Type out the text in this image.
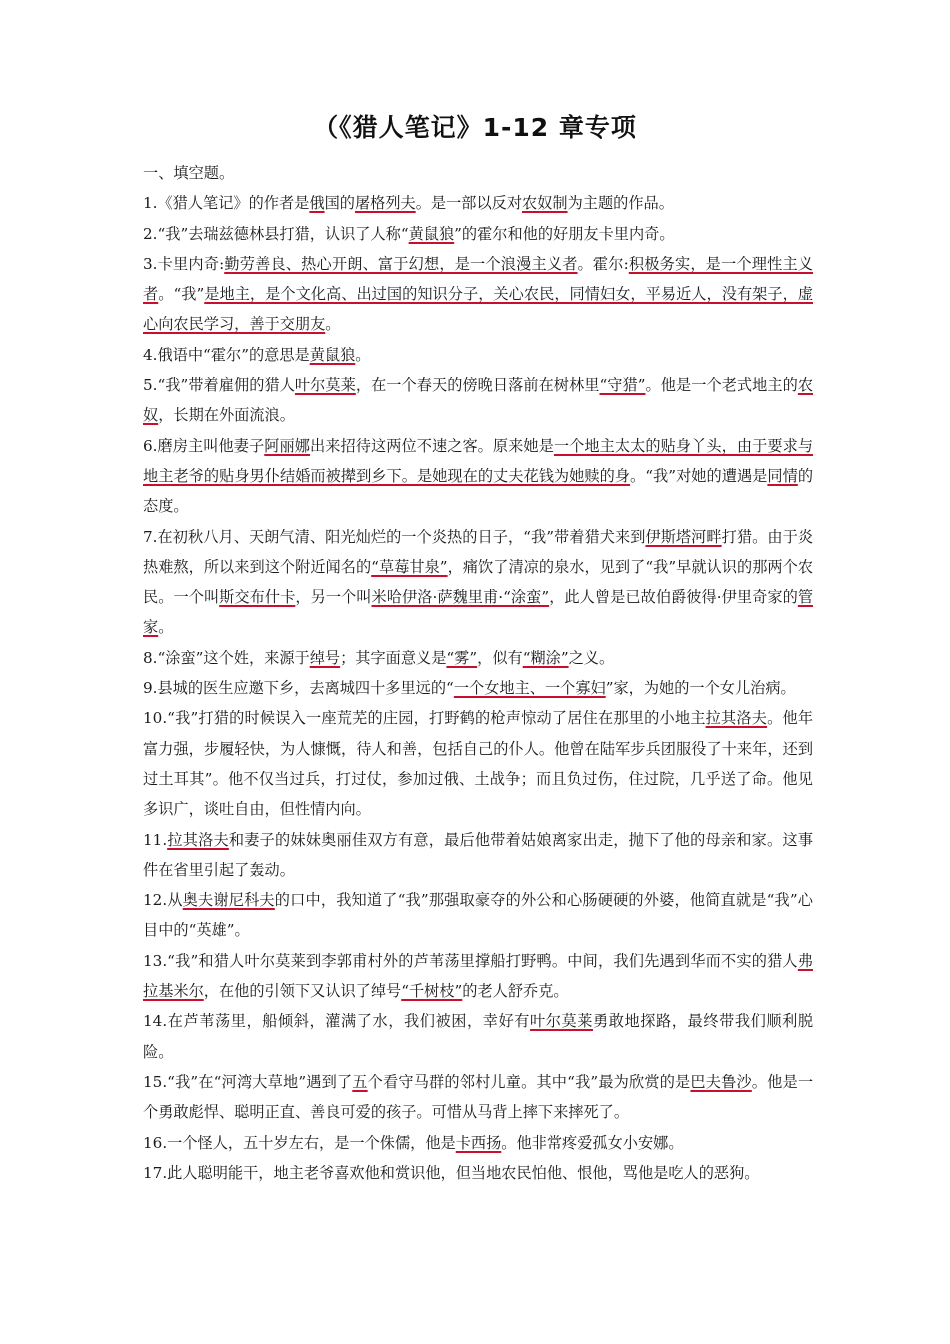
（《猎人笔记》1-12 章专项

一、填空题。

1.《猎人笔记》的作者是俄国的屠格列夫。是一部以反对农奴制为主题的作品。

2.“我”去瑞兹德林县打猎，认识了人称“黄鼠狼”的霍尔和他的好朋友卡里内奇。

3.卡里内奇:勤劳善良、热心开朗、富于幻想，是一个浪漫主义者。霍尔:积极务实，是一个理性主义者。“我”是地主，是个文化高、出过国的知识分子，关心农民，同情妇女，平易近人，没有架子，虚心向农民学习，善于交朋友。

4.俄语中“霍尔”的意思是黄鼠狼。

5.“我”带着雇佣的猎人叶尔莫莱，在一个春天的傍晚日落前在树林里“守猎”。他是一个老式地主的农奴，长期在外面流浪。

6.磨房主叫他妻子阿丽娜出来招待这两位不速之客。原来她是一个地主太太的贴身丫头，由于要求与地主老爷的贴身男仆结婚而被撵到乡下。是她现在的丈夫花钱为她赎的身。“我”对她的遭遇是同情的态度。

7.在初秋八月、天朗气清、阳光灿烂的一个炎热的日子，“我”带着猎犬来到伊斯塔河畔打猎。由于炎热难熬，所以来到这个附近闻名的“草莓甘泉”，痛饮了清凉的泉水，见到了“我”早就认识的那两个农民。一个叫斯交布什卡，另一个叫米哈伊洛·萨魏里甫·“涂蛮”，此人曾是已故伯爵彼得·伊里奇家的管家。

8.“涂蛮”这个姓，来源于绰号；其字面意义是“雾”，似有“糊涂”之义。

9.县城的医生应邀下乡，去离城四十多里远的“一个女地主、一个寡妇”家，为她的一个女儿治病。

10.“我”打猎的时候误入一座荒芜的庄园，打野鹤的枪声惊动了居住在那里的小地主拉其洛夫。他年富力强，步履轻快，为人慷慨，待人和善，包括自己的仆人。他曾在陆军步兵团服役了十来年，还到过土耳其”。他不仅当过兵，打过仗，参加过俄、土战争；而且负过伤，住过院，几乎送了命。他见多识广，谈吐自由，但性情内向。

11.拉其洛夫和妻子的妹妹奥丽佳双方有意，最后他带着姑娘离家出走，抛下了他的母亲和家。这事件在省里引起了轰动。

12.从奥夫谢尼科夫的口中，我知道了“我”那强取豪夺的外公和心肠硬硬的外婆，他简直就是“我”心目中的“英雄”。

13.“我”和猎人叶尔莫莱到李郭甫村外的芦苇荡里撑船打野鸭。中间，我们先遇到华而不实的猎人弗拉基米尔，在他的引领下又认识了绰号“千树枝”的老人舒乔克。

14.在芦苇荡里，船倾斜，灌满了水，我们被困，幸好有叶尔莫莱勇敢地探路，最终带我们顺利脱险。

15.“我”在“河湾大草地”遇到了五个看守马群的邻村儿童。其中“我”最为欣赏的是巴夫鲁沙。他是一个勇敢彪悍、聪明正直、善良可爱的孩子。可惜从马背上摔下来摔死了。

16.一个怪人，五十岁左右，是一个侏儒，他是卡西扬。他非常疼爱孤女小安娜。

17.此人聪明能干，地主老爷喜欢他和赏识他，但当地农民怕他、恨他，骂他是吃人的恶狗。
